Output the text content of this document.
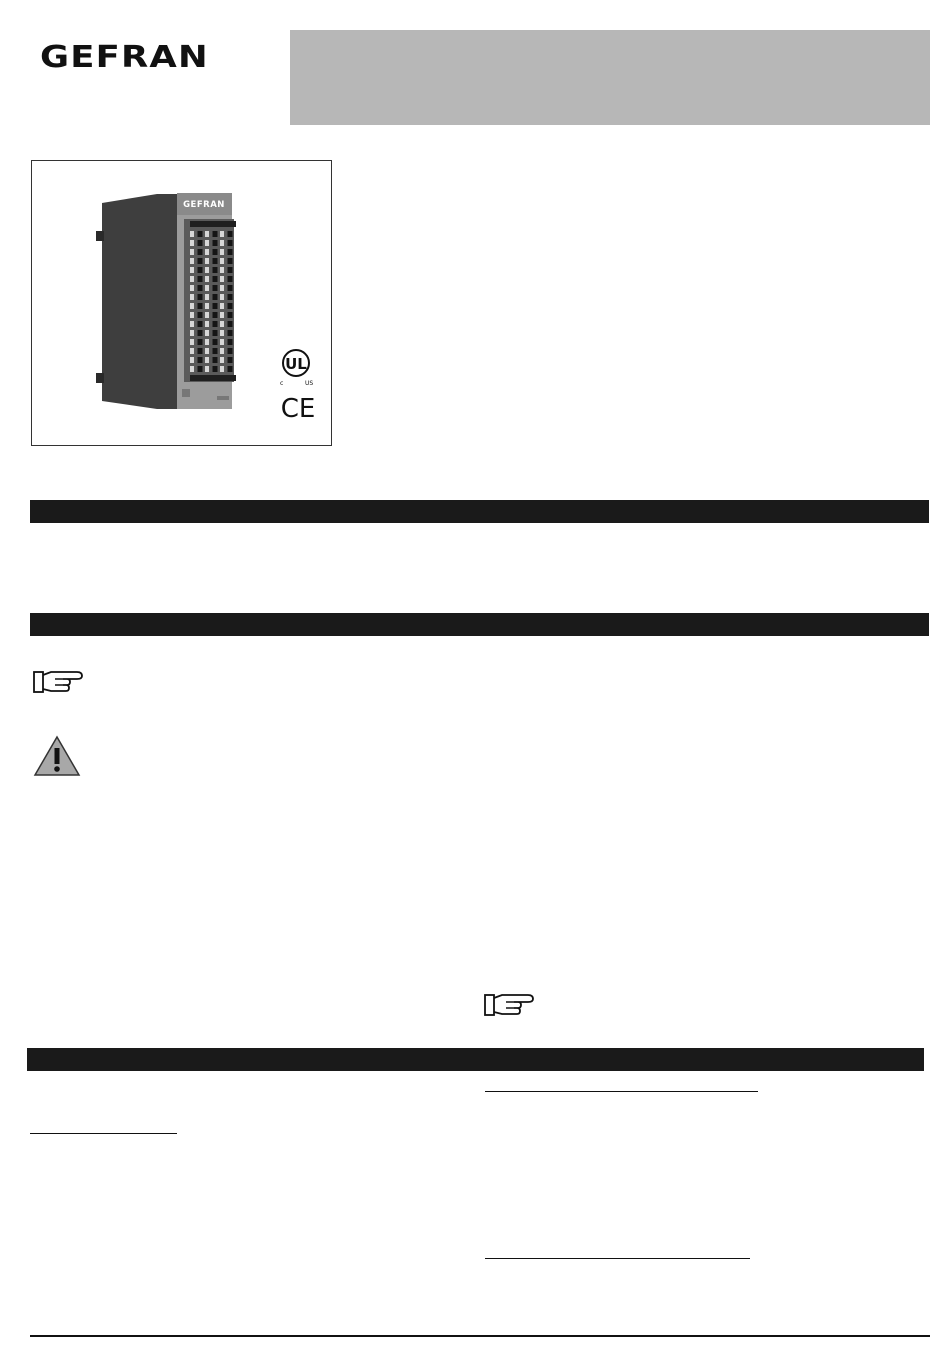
GEFRAN
GEFRAN
UL
c	US
CE
